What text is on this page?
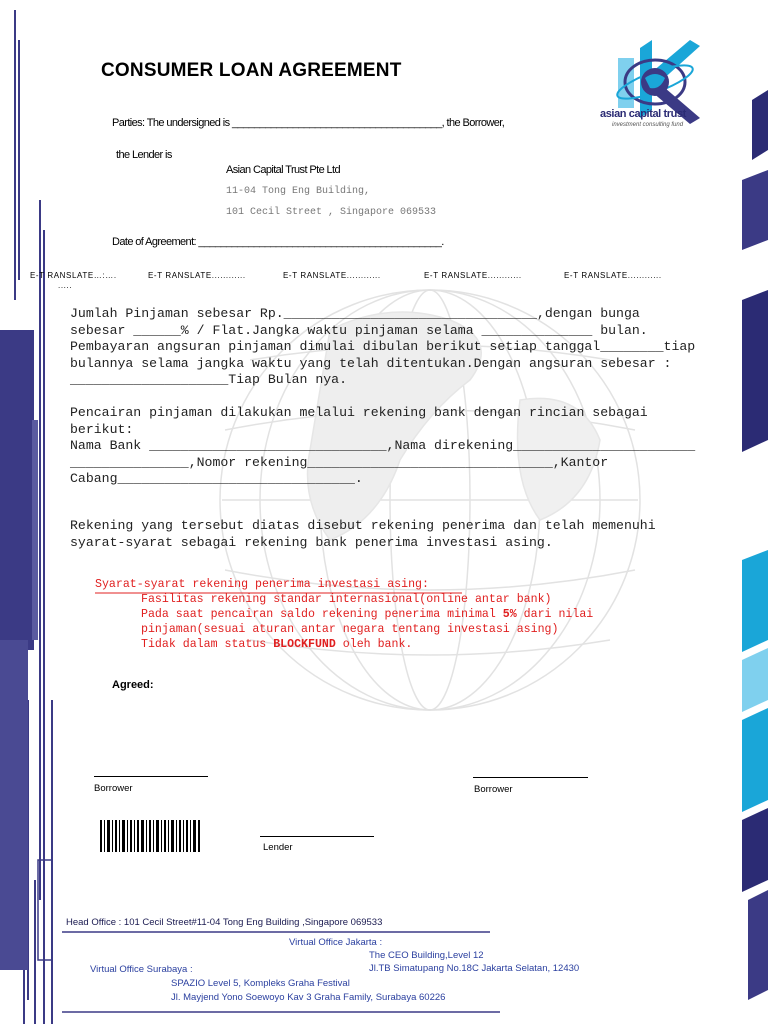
CONSUMER LOAN AGREEMENT
asian capital trust
investment consulting fund
Parties: The undersigned is ______________________________________, the Borrower,
the Lender is
Asian Capital Trust Pte Ltd
11-04 Tong Eng Building,
101 Cecil Street , Singapore 069533
Date of Agreement: ____________________________________________.
E-T RANSLATE…:….	E-T RANSLATE............	E-T RANSLATE............	E-T RANSLATE............	E-T RANSLATE............
.....
Jumlah Pinjaman sebesar Rp.________________________________,dengan bunga
sebesar ______% / Flat.Jangka waktu pinjaman selama ______________ bulan.
Pembayaran angsuran pinjaman dimulai dibulan berikut setiap tanggal________tiap
bulannya selama jangka waktu yang telah ditentukan.Dengan angsuran sebesar :
____________________Tiap Bulan nya.
Pencairan pinjaman dilakukan melalui rekening bank dengan rincian sebagai
berikut:
Nama Bank ______________________________,Nama direkening_______________________
_______________,Nomor rekening_______________________________,Kantor
Cabang______________________________.
Rekening yang tersebut diatas disebut rekening penerima dan telah memenuhi
syarat-syarat sebagai rekening bank penerima investasi asing.
Syarat-syarat rekening penerima investasi asing:
Fasilitas rekening standar internasional(online antar bank)
Pada saat pencairan saldo rekening penerima minimal 5% dari nilai
pinjaman(sesuai aturan antar negara tentang investasi asing)
Tidak dalam status BLOCKFUND oleh bank.
Agreed:
Borrower	Borrower
Lender
Head Office : 101 Cecil Street#11-04 Tong Eng Building ,Singapore 069533
Virtual Office Jakarta :
The CEO Building,Level 12
Jl.TB Simatupang No.18C Jakarta Selatan, 12430
Virtual Office Surabaya :
SPAZIO Level 5, Kompleks Graha Festival
Jl. Mayjend Yono Soewoyo Kav 3 Graha Family, Surabaya 60226
